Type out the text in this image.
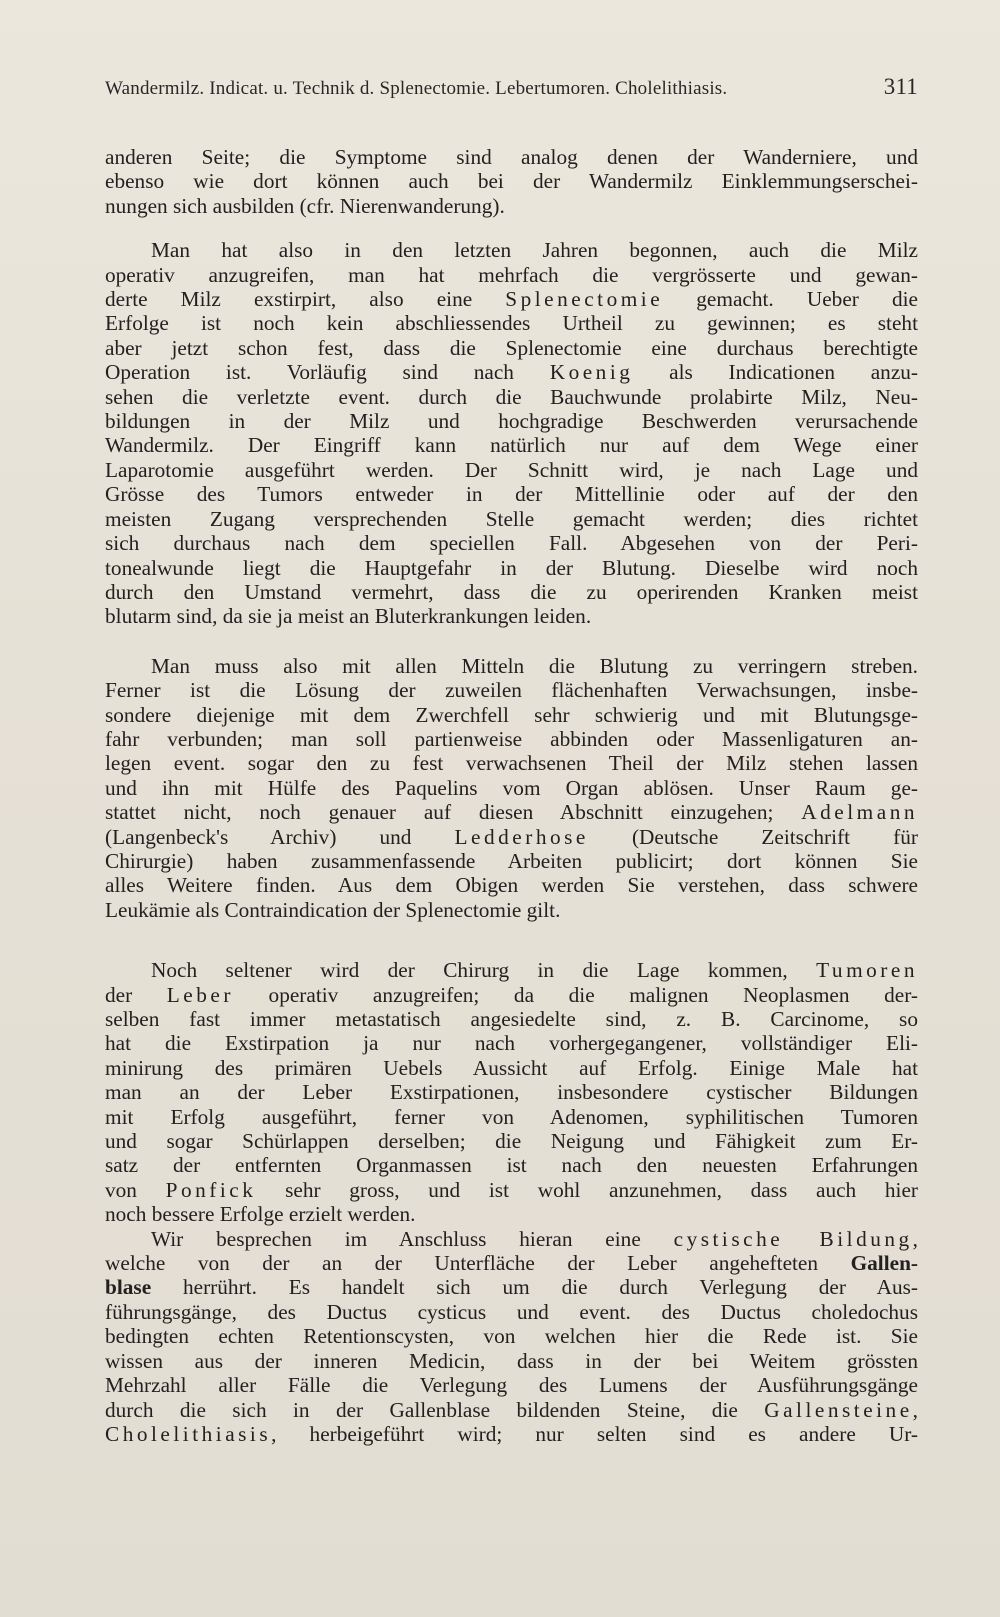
Wandermilz. Indicat. u. Technik d. Splenectomie. Lebertumoren. Cholelithiasis.	311
anderen Seite; die Symptome sind analog denen der Wanderniere, und
ebenso wie dort können auch bei der Wandermilz Einklemmungserschei-
nungen sich ausbilden (cfr. Nierenwanderung).
Man hat also in den letzten Jahren begonnen, auch die Milz
operativ anzugreifen, man hat mehrfach die vergrösserte und gewan-
derte Milz exstirpirt, also eine Splenectomie gemacht. Ueber die
Erfolge ist noch kein abschliessendes Urtheil zu gewinnen; es steht
aber jetzt schon fest, dass die Splenectomie eine durchaus berechtigte
Operation ist. Vorläufig sind nach Koenig als Indicationen anzu-
sehen die verletzte event. durch die Bauchwunde prolabirte Milz, Neu-
bildungen in der Milz und hochgradige Beschwerden verursachende
Wandermilz. Der Eingriff kann natürlich nur auf dem Wege einer
Laparotomie ausgeführt werden. Der Schnitt wird, je nach Lage und
Grösse des Tumors entweder in der Mittellinie oder auf der den
meisten Zugang versprechenden Stelle gemacht werden; dies richtet
sich durchaus nach dem speciellen Fall. Abgesehen von der Peri-
tonealwunde liegt die Hauptgefahr in der Blutung. Dieselbe wird noch
durch den Umstand vermehrt, dass die zu operirenden Kranken meist
blutarm sind, da sie ja meist an Bluterkrankungen leiden.
Man muss also mit allen Mitteln die Blutung zu verringern streben.
Ferner ist die Lösung der zuweilen flächenhaften Verwachsungen, insbe-
sondere diejenige mit dem Zwerchfell sehr schwierig und mit Blutungsge-
fahr verbunden; man soll partienweise abbinden oder Massenligaturen an-
legen event. sogar den zu fest verwachsenen Theil der Milz stehen lassen
und ihn mit Hülfe des Paquelins vom Organ ablösen. Unser Raum ge-
stattet nicht, noch genauer auf diesen Abschnitt einzugehen; Adelmann
(Langenbeck's Archiv) und Ledderhose (Deutsche Zeitschrift für
Chirurgie) haben zusammenfassende Arbeiten publicirt; dort können Sie
alles Weitere finden. Aus dem Obigen werden Sie verstehen, dass schwere
Leukämie als Contraindication der Splenectomie gilt.
Noch seltener wird der Chirurg in die Lage kommen, Tumoren
der Leber operativ anzugreifen; da die malignen Neoplasmen der-
selben fast immer metastatisch angesiedelte sind, z. B. Carcinome, so
hat die Exstirpation ja nur nach vorhergegangener, vollständiger Eli-
minirung des primären Uebels Aussicht auf Erfolg. Einige Male hat
man an der Leber Exstirpationen, insbesondere cystischer Bildungen
mit Erfolg ausgeführt, ferner von Adenomen, syphilitischen Tumoren
und sogar Schürlappen derselben; die Neigung und Fähigkeit zum Er-
satz der entfernten Organmassen ist nach den neuesten Erfahrungen
von Ponfick sehr gross, und ist wohl anzunehmen, dass auch hier
noch bessere Erfolge erzielt werden.
Wir besprechen im Anschluss hieran eine cystische Bildung,
welche von der an der Unterfläche der Leber angehefteten Gallen-
blase herrührt. Es handelt sich um die durch Verlegung der Aus-
führungsgänge, des Ductus cysticus und event. des Ductus choledochus
bedingten echten Retentionscysten, von welchen hier die Rede ist. Sie
wissen aus der inneren Medicin, dass in der bei Weitem grössten
Mehrzahl aller Fälle die Verlegung des Lumens der Ausführungsgänge
durch die sich in der Gallenblase bildenden Steine, die Gallensteine,
Cholelithiasis, herbeigeführt wird; nur selten sind es andere Ur-
